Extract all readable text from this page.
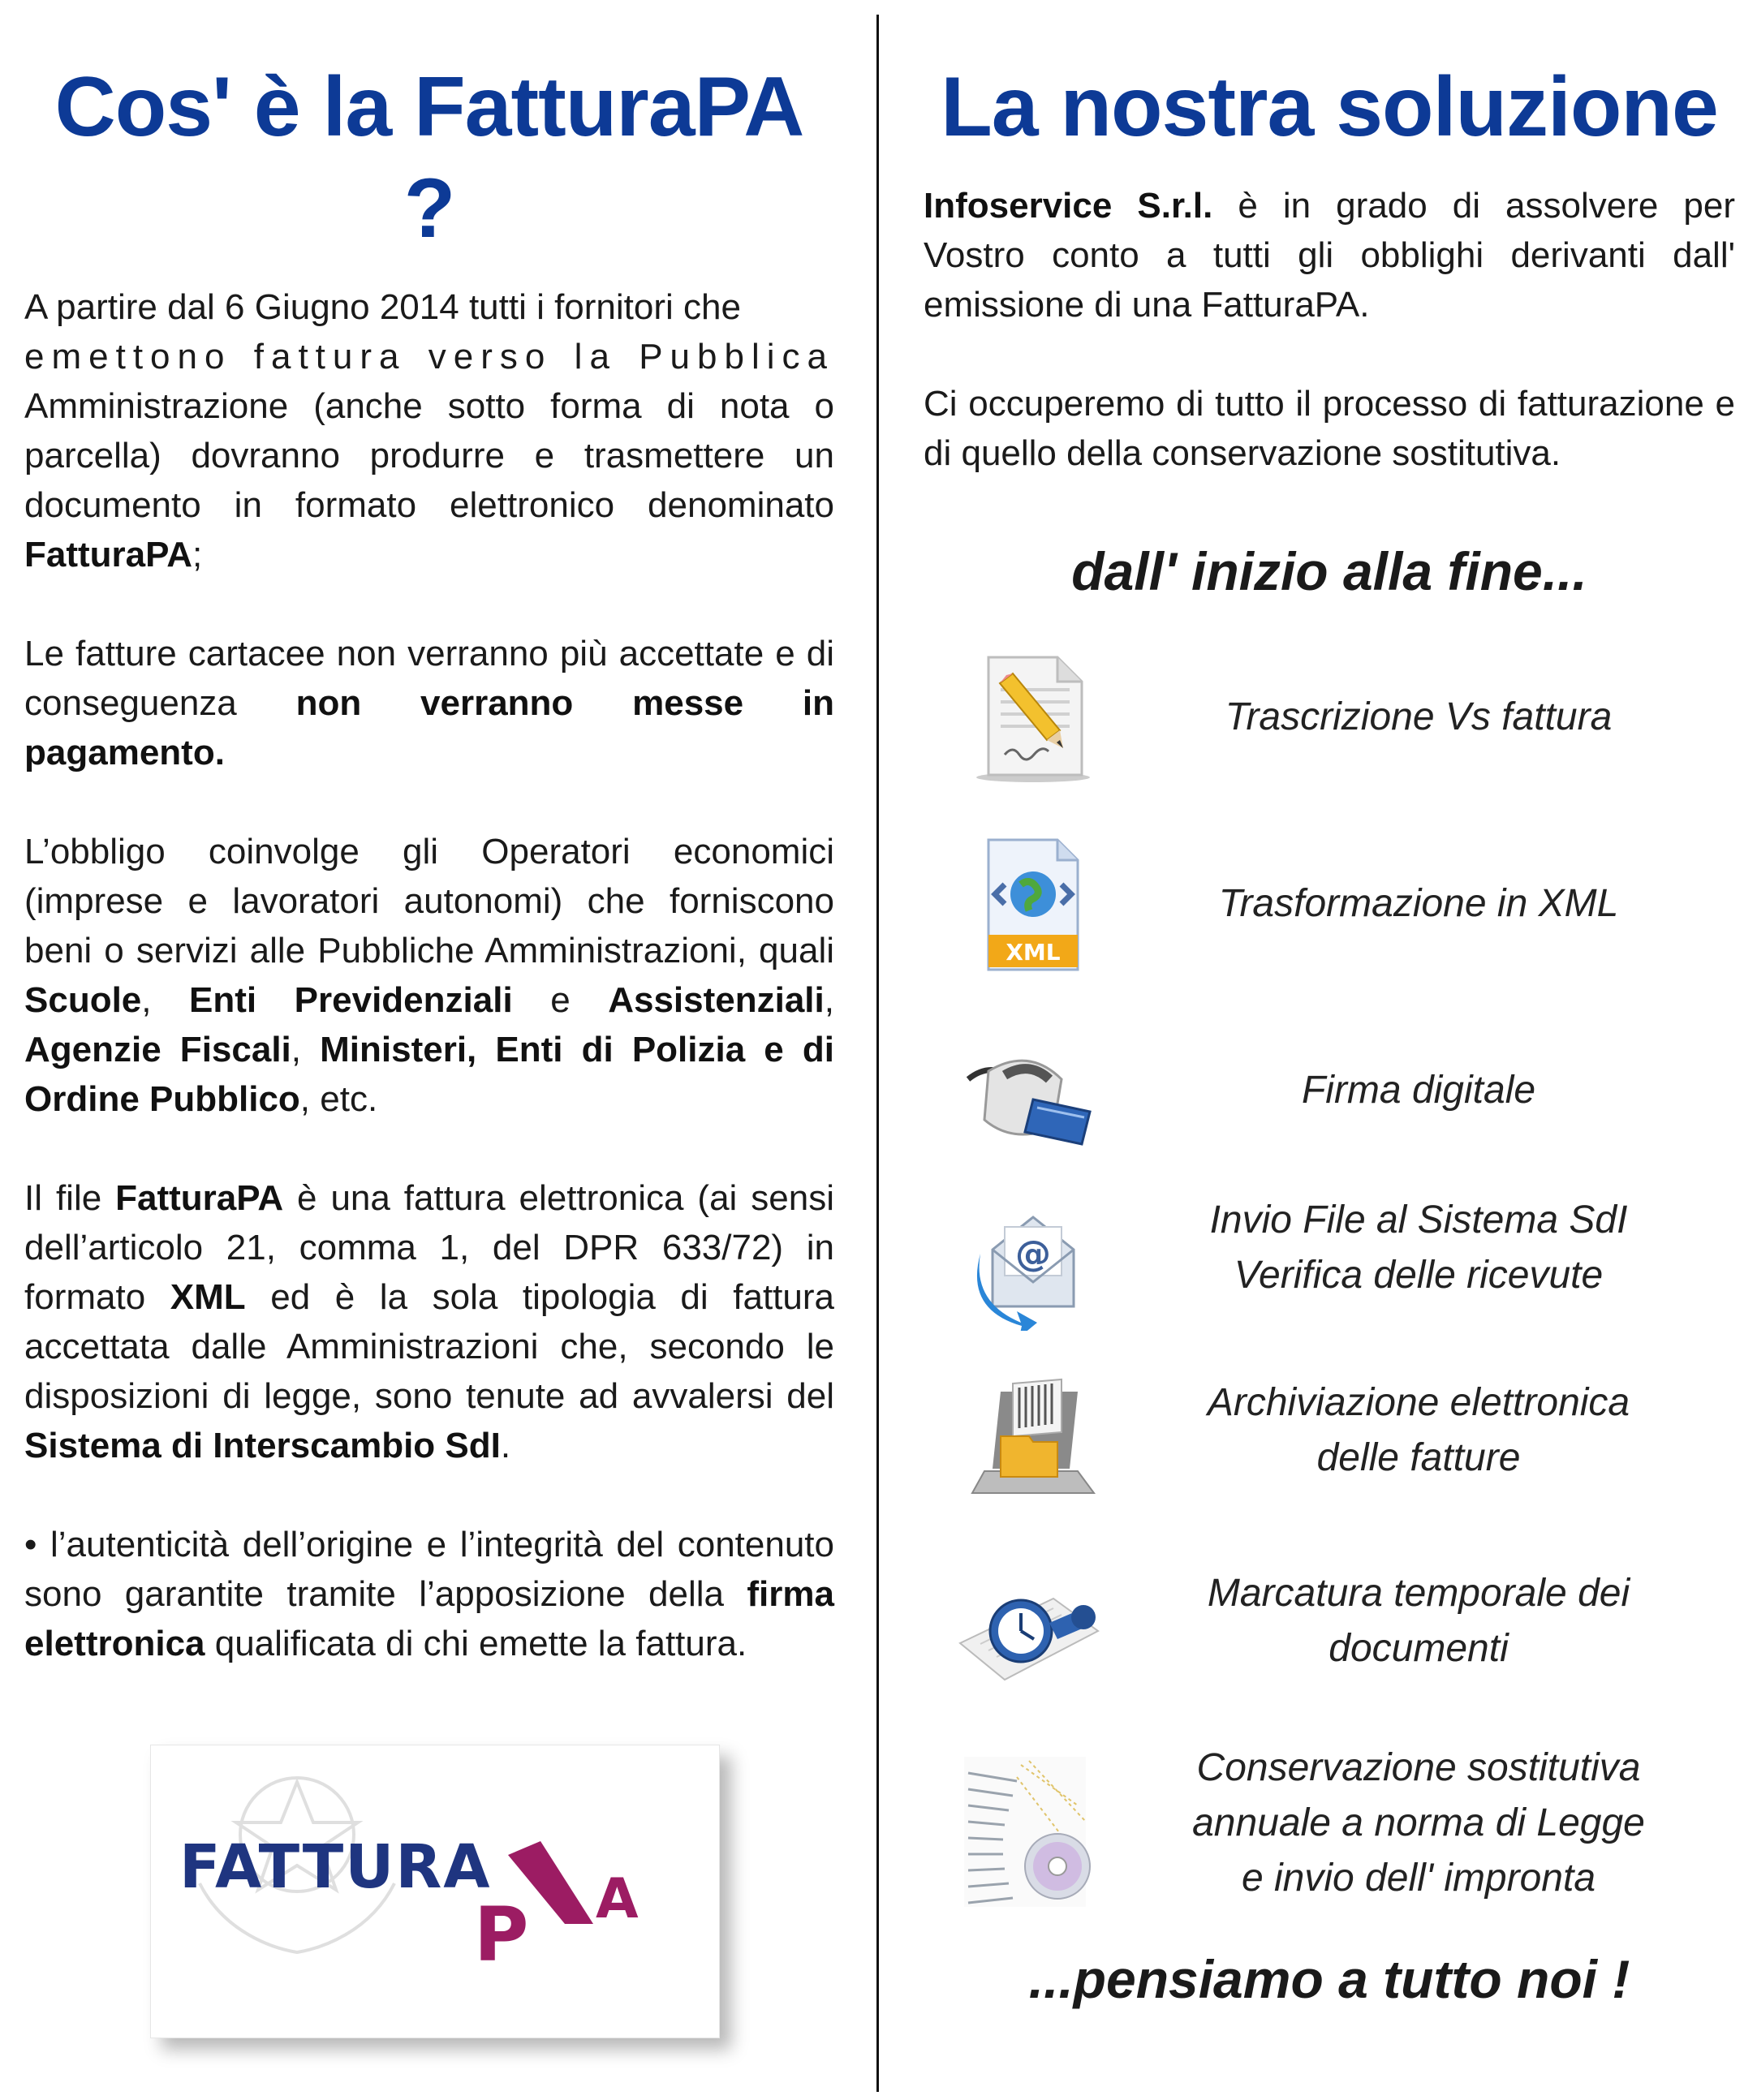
Cos' è la FatturaPA ?

A partire dal 6 Giugno 2014 tutti i fornitori che
emettono fattura verso la Pubblica Amministrazione (anche sotto forma di nota o parcella) dovranno produrre e trasmettere un documento in formato elettronico denominato FatturaPA;

Le fatture cartacee non verranno più accettate e di conseguenza non verranno messe in pagamento.

L’obbligo coinvolge gli Operatori economici (imprese e lavoratori autonomi) che forniscono beni o servizi alle Pubbliche Amministrazioni, quali Scuole, Enti Previdenziali e Assistenziali, Agenzie Fiscali, Ministeri, Enti di Polizia e di Ordine Pubblico, etc.

Il file FatturaPA è una fattura elettronica (ai sensi dell’articolo 21, comma 1, del DPR 633/72) in formato XML ed è la sola tipologia di fattura accettata dalle Amministrazioni che, secondo le disposizioni di legge, sono tenute ad avvalersi del Sistema di Interscambio SdI.

• l’autenticità dell’origine e l’integrità del contenuto sono garantite tramite l’apposizione della firma elettronica qualificata di chi emette la fattura.

FATTURA A
P
La nostra soluzione

Infoservice S.r.l. è in grado di assolvere per Vostro conto a tutti gli obblighi derivanti dall' emissione di una FatturaPA.

Ci occuperemo di tutto il processo di fatturazione e di quello della conservazione sostitutiva.

dall' inizio alla fine...
Trascrizione Vs fattura
XML
Trasformazione in XML
Firma digitale
@
Invio File al Sistema SdI
Verifica delle ricevute
Archiviazione elettronica
delle fatture
Marcatura temporale dei
documenti
Conservazione sostitutiva
annuale a norma di Legge
e invio dell' impronta
...pensiamo a tutto noi !
